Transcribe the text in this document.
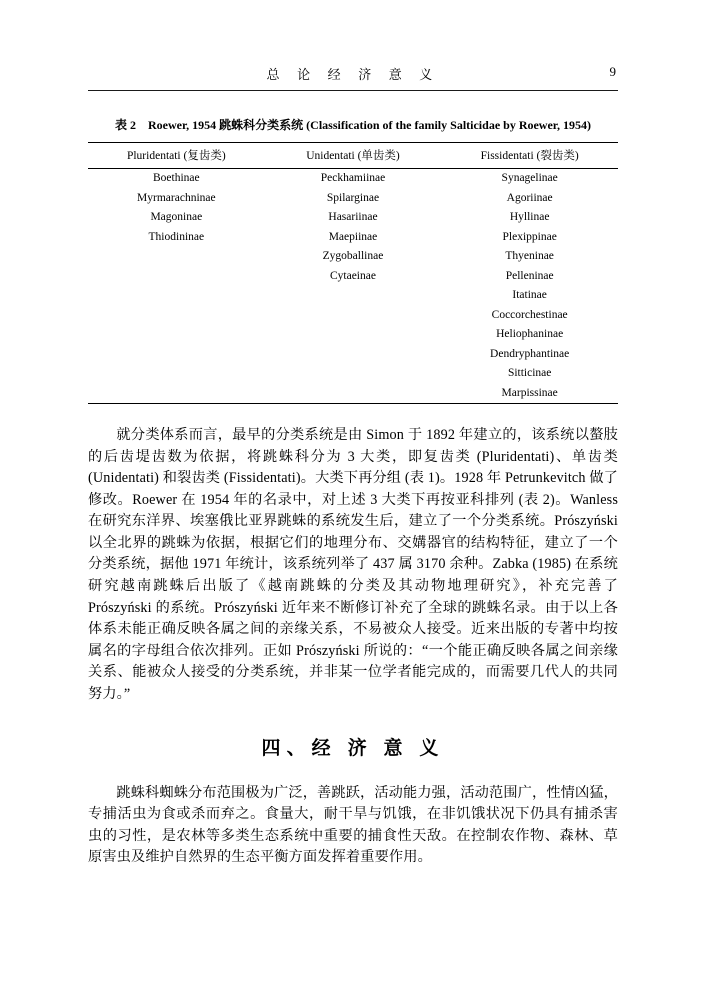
总 论 经 济 意 义	9
表 2　Roewer, 1954 跳蛛科分类系统 (Classification of the family Salticidae by Roewer, 1954)
Pluridentati (复齿类)	Unidentati (单齿类)	Fissidentati (裂齿类)
Boethinae	Peckhamiinae	Synagelinae
Myrmarachninae	Spilarginae	Agoriinae
Magoninae	Hasariinae	Hyllinae
Thiodininae	Maepiinae	Plexippinae
	Zygoballinae	Thyeninae
	Cytaeinae	Pelleninae
		Itatinae
		Coccorchestinae
		Heliophaninae
		Dendryphantinae
		Sitticinae
		Marpissinae

就分类体系而言，最早的分类系统是由 Simon 于 1892 年建立的，该系统以螯肢的后齿堤齿数为依据，将跳蛛科分为 3 大类，即复齿类 (Pluridentati)、单齿类 (Unidentati) 和裂齿类 (Fissidentati)。大类下再分组 (表 1)。1928 年 Petrunkevitch 做了修改。Roewer 在 1954 年的名录中，对上述 3 大类下再按亚科排列 (表 2)。Wanless 在研究东洋界、埃塞俄比亚界跳蛛的系统发生后，建立了一个分类系统。Prószyński 以全北界的跳蛛为依据，根据它们的地理分布、交媾器官的结构特征，建立了一个分类系统，据他 1971 年统计，该系统列举了 437 属 3170 余种。Zabka (1985) 在系统研究越南跳蛛后出版了《越南跳蛛的分类及其动物地理研究》，补充完善了 Prószyński 的系统。Prószyński 近年来不断修订补充了全球的跳蛛名录。由于以上各体系未能正确反映各属之间的亲缘关系，不易被众人接受。近来出版的专著中均按属名的字母组合依次排列。正如 Prószyński 所说的：“一个能正确反映各属之间亲缘关系、能被众人接受的分类系统，并非某一位学者能完成的，而需要几代人的共同努力。”

四、经 济 意 义

跳蛛科蜘蛛分布范围极为广泛，善跳跃，活动能力强，活动范围广，性情凶猛，专捕活虫为食或杀而弃之。食量大，耐干旱与饥饿，在非饥饿状况下仍具有捕杀害虫的习性，是农林等多类生态系统中重要的捕食性天敌。在控制农作物、森林、草原害虫及维护自然界的生态平衡方面发挥着重要作用。
